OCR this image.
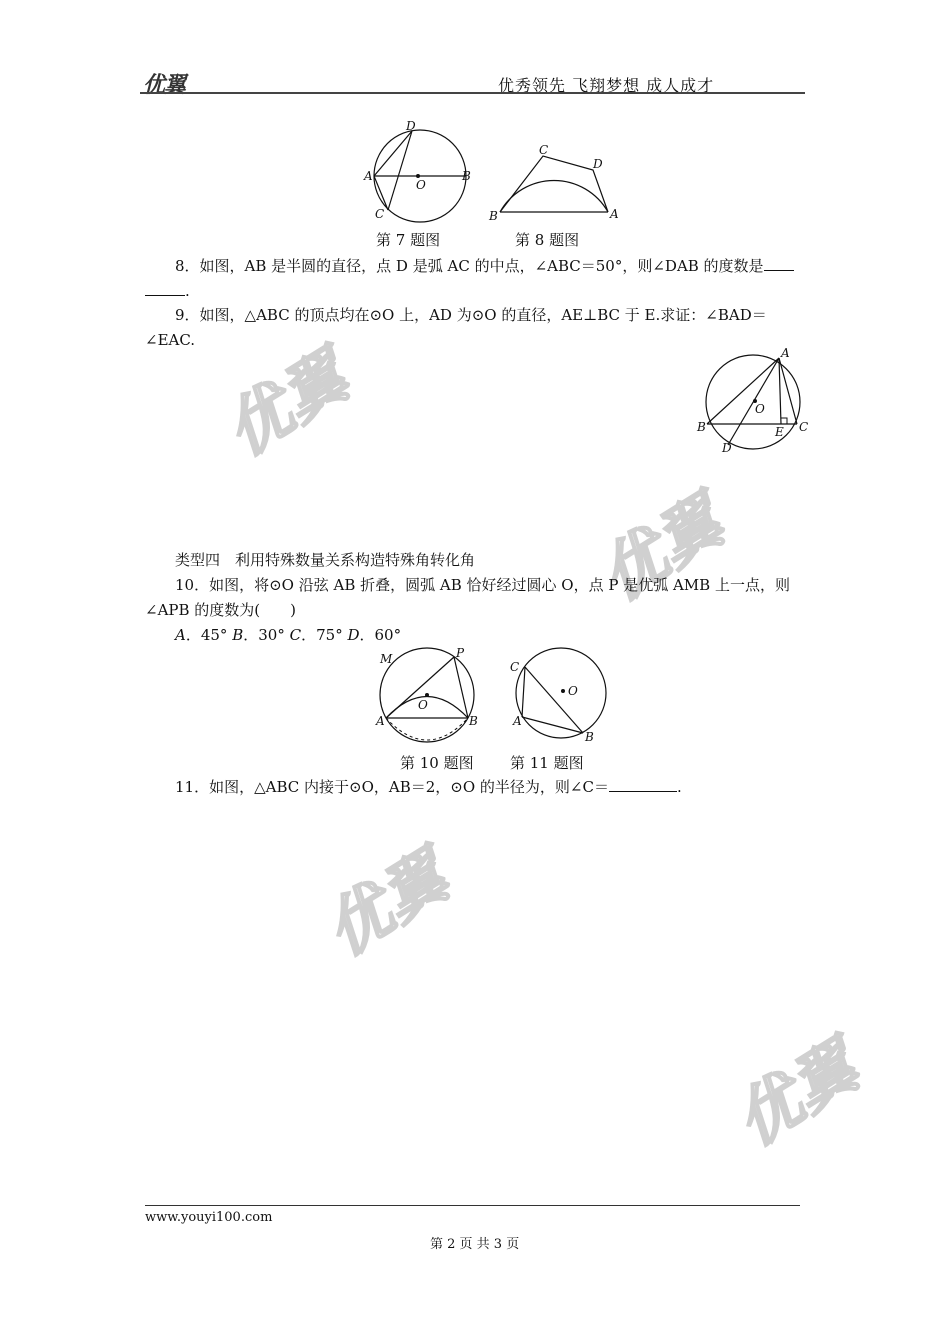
优翼	优秀领先 飞翔梦想 成人成才
优翼
优翼
优翼
优翼
D
A
O
B
C
C
D
B	A
第 7 题图	第 8 题图
8．如图，AB 是半圆的直径，点 D 是弧 AC 的中点，∠ABC＝50°，则∠DAB 的度数是
.
9．如图，△ABC 的顶点均在⊙O 上，AD 为⊙O 的直径，AE⊥BC 于 E.求证：∠BAD＝
∠EAC.
A
O
B	E C
D
类型四　利用特殊数量关系构造特殊角转化角
10．如图，将⊙O 沿弦 AB 折叠，圆弧 AB 恰好经过圆心 O，点 P 是优弧 AMB 上一点，则
∠APB 的度数为(　　)
A．45° B．30° C．75° D．60°
M	P
O
A	B
C
O
A
B
第 10 题图 第 11 题图
11．如图，△ABC 内接于⊙O，AB＝2，⊙O 的半径为，则∠C＝	.
www.youyi100.com
第 2 页 共 3 页
